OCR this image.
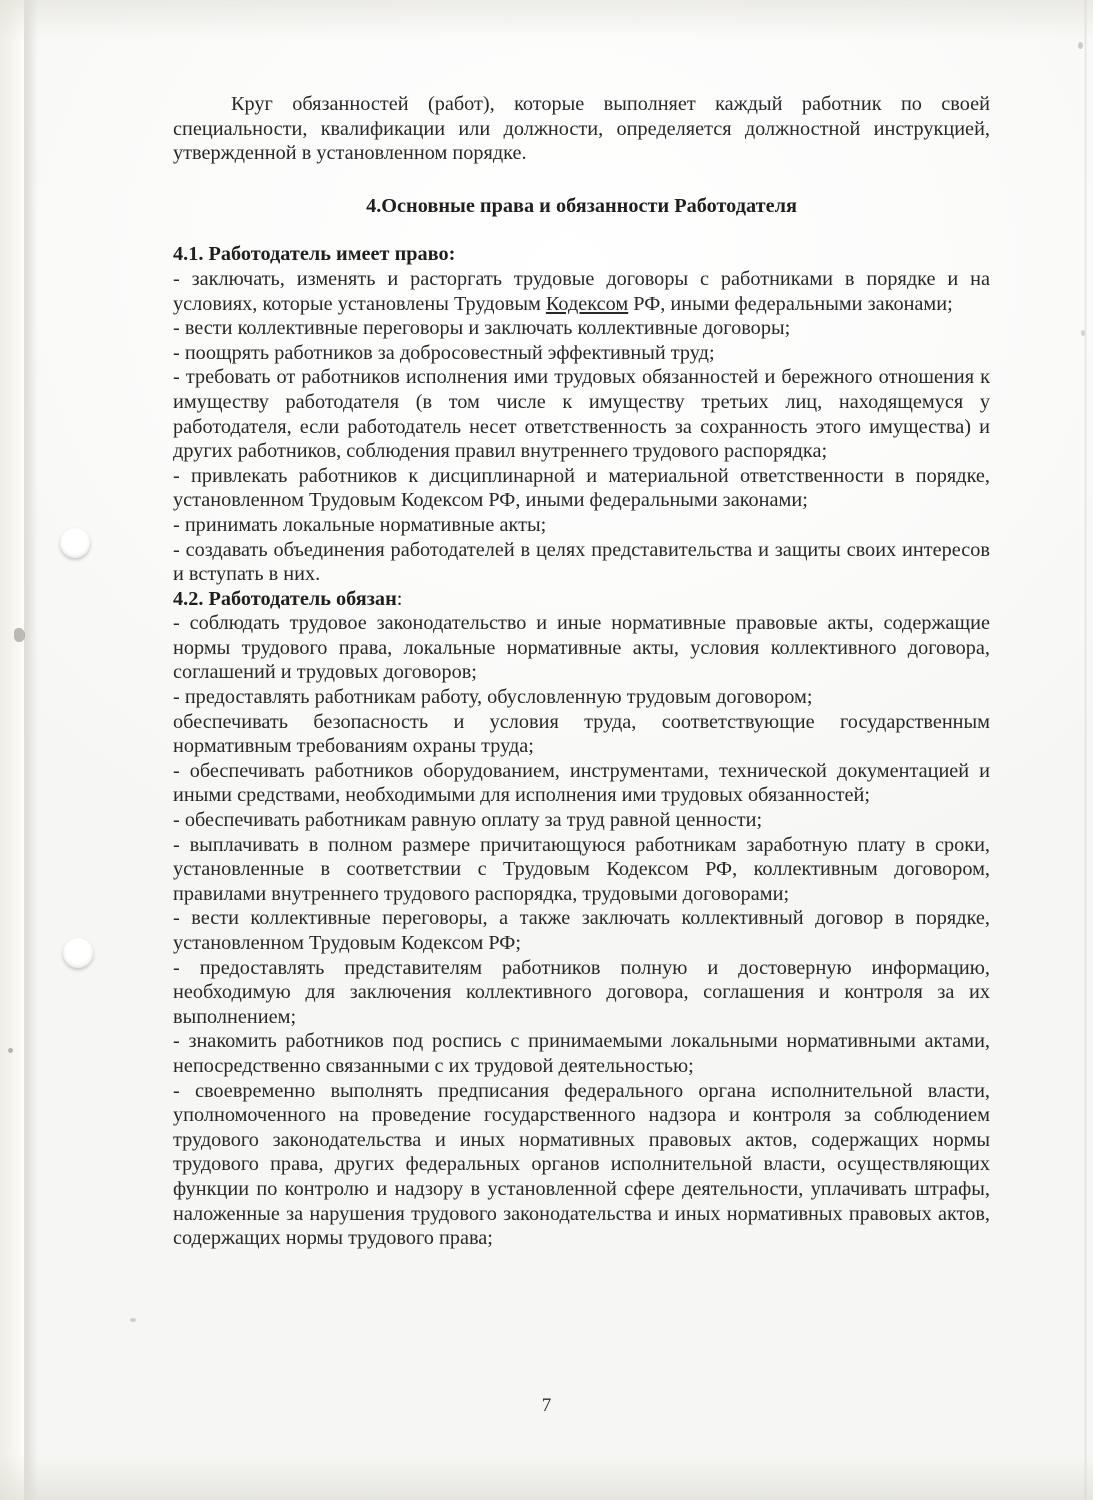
Круг обязанностей (работ), которые выполняет каждый работник по своей специальности, квалификации или должности, определяется должностной инструкцией, утвержденной в установленном порядке.

4.Основные права и обязанности Работодателя
4.1. Работодатель имеет право:

- заключать, изменять и расторгать трудовые договоры с работниками в порядке и на условиях, которые установлены Трудовым Кодексом РФ, иными федеральными законами;

- вести коллективные переговоры и заключать коллективные договоры;

- поощрять работников за добросовестный эффективный труд;

- требовать от работников исполнения ими трудовых обязанностей и бережного отношения к имуществу работодателя (в том числе к имуществу третьих лиц, находящемуся у работодателя, если работодатель несет ответственность за сохранность этого имущества) и других работников, соблюдения правил внутреннего трудового распорядка;

- привлекать работников к дисциплинарной и материальной ответственности в порядке, установленном Трудовым Кодексом РФ, иными федеральными законами;

- принимать локальные нормативные акты;

- создавать объединения работодателей в целях представительства и защиты своих интересов и вступать в них.

4.2. Работодатель обязан:

- соблюдать трудовое законодательство и иные нормативные правовые акты, содержащие нормы трудового права, локальные нормативные акты, условия коллективного договора, соглашений и трудовых договоров;

- предоставлять работникам работу, обусловленную трудовым договором;

обеспечивать безопасность и условия труда, соответствующие государственным нормативным требованиям охраны труда;

- обеспечивать работников оборудованием, инструментами, технической документацией и иными средствами, необходимыми для исполнения ими трудовых обязанностей;

- обеспечивать работникам равную оплату за труд равной ценности;

- выплачивать в полном размере причитающуюся работникам заработную плату в сроки, установленные в соответствии с Трудовым Кодексом РФ, коллективным договором, правилами внутреннего трудового распорядка, трудовыми договорами;

- вести коллективные переговоры, а также заключать коллективный договор в порядке, установленном Трудовым Кодексом РФ;

- предоставлять представителям работников полную и достоверную информацию, необходимую для заключения коллективного договора, соглашения и контроля за их выполнением;

- знакомить работников под роспись с принимаемыми локальными нормативными актами, непосредственно связанными с их трудовой деятельностью;

- своевременно выполнять предписания федерального органа исполнительной власти, уполномоченного на проведение государственного надзора и контроля за соблюдением трудового законодательства и иных нормативных правовых актов, содержащих нормы трудового права, других федеральных органов исполнительной власти, осуществляющих функции по контролю и надзору в установленной сфере деятельности, уплачивать штрафы, наложенные за нарушения трудового законодательства и иных нормативных правовых актов, содержащих нормы трудового права;

7
